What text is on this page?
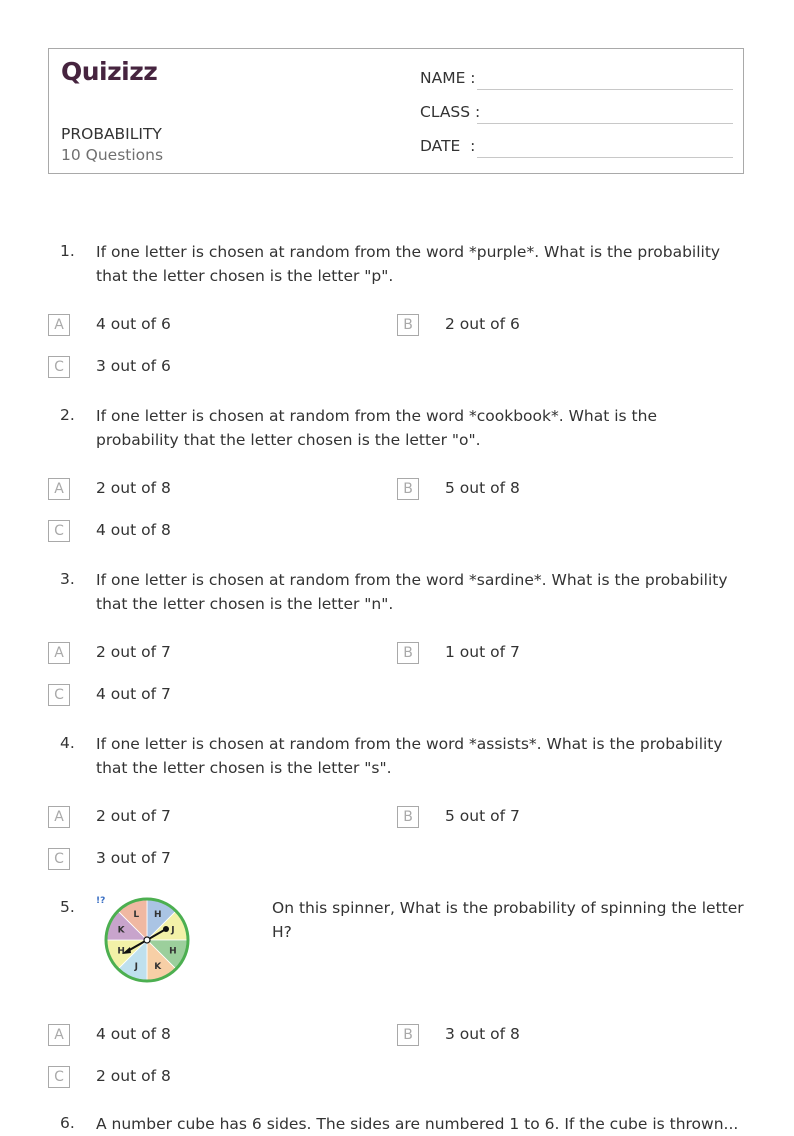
Quizizz
PROBABILITY
10 Questions
NAME :
CLASS :
DATE  :
1. If one letter is chosen at random from the word *purple*. What is the probability that the letter chosen is the letter "p".
A	4 out of 6	B	2 out of 6
C	3 out of 6
2. If one letter is chosen at random from the word *cookbook*. What is the probability that the letter chosen is the letter "o".
A	2 out of 8	B	5 out of 8
C	4 out of 8
3. If one letter is chosen at random from the word *sardine*. What is the probability that the letter chosen is the letter "n".
A	2 out of 7	B	1 out of 7
C	4 out of 7
4. If one letter is chosen at random from the word *assists*. What is the probability that the letter chosen is the letter "s".
A	2 out of 7	B	5 out of 7
C	3 out of 7
5. !?
H
J
H
K
J
H
K
L	On this spinner, What is the probability of spinning the letter H?
A	4 out of 8	B	3 out of 8
C	2 out of 8
6. A number cube has 6 sides. The sides are numbered 1 to 6. If the cube is thrown...
